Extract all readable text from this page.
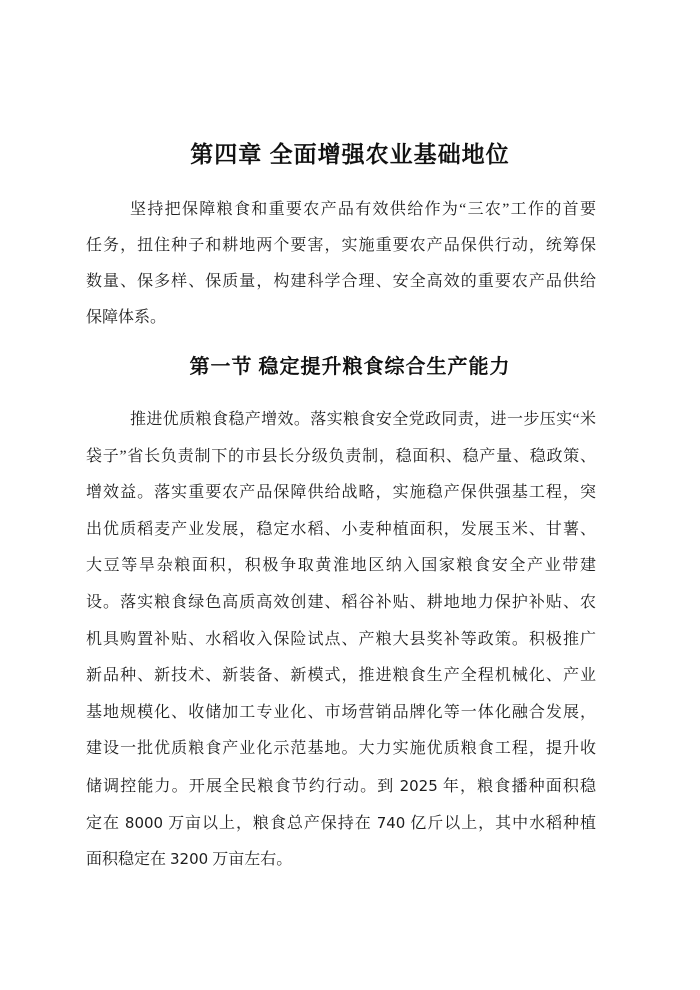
第四章 全面增强农业基础地位
坚持把保障粮食和重要农产品有效供给作为“三农”工作的首要
任务，扭住种子和耕地两个要害，实施重要农产品保供行动，统筹保
数量、保多样、保质量，构建科学合理、安全高效的重要农产品供给
保障体系。
第一节 稳定提升粮食综合生产能力
推进优质粮食稳产增效。落实粮食安全党政同责，进一步压实“米
袋子”省长负责制下的市县长分级负责制，稳面积、稳产量、稳政策、
增效益。落实重要农产品保障供给战略，实施稳产保供强基工程，突
出优质稻麦产业发展，稳定水稻、小麦种植面积，发展玉米、甘薯、
大豆等旱杂粮面积，积极争取黄淮地区纳入国家粮食安全产业带建
设。落实粮食绿色高质高效创建、稻谷补贴、耕地地力保护补贴、农
机具购置补贴、水稻收入保险试点、产粮大县奖补等政策。积极推广
新品种、新技术、新装备、新模式，推进粮食生产全程机械化、产业
基地规模化、收储加工专业化、市场营销品牌化等一体化融合发展，
建设一批优质粮食产业化示范基地。大力实施优质粮食工程，提升收
储调控能力。开展全民粮食节约行动。到 2025 年，粮食播种面积稳
定在 8000 万亩以上，粮食总产保持在 740 亿斤以上，其中水稻种植
面积稳定在 3200 万亩左右。
